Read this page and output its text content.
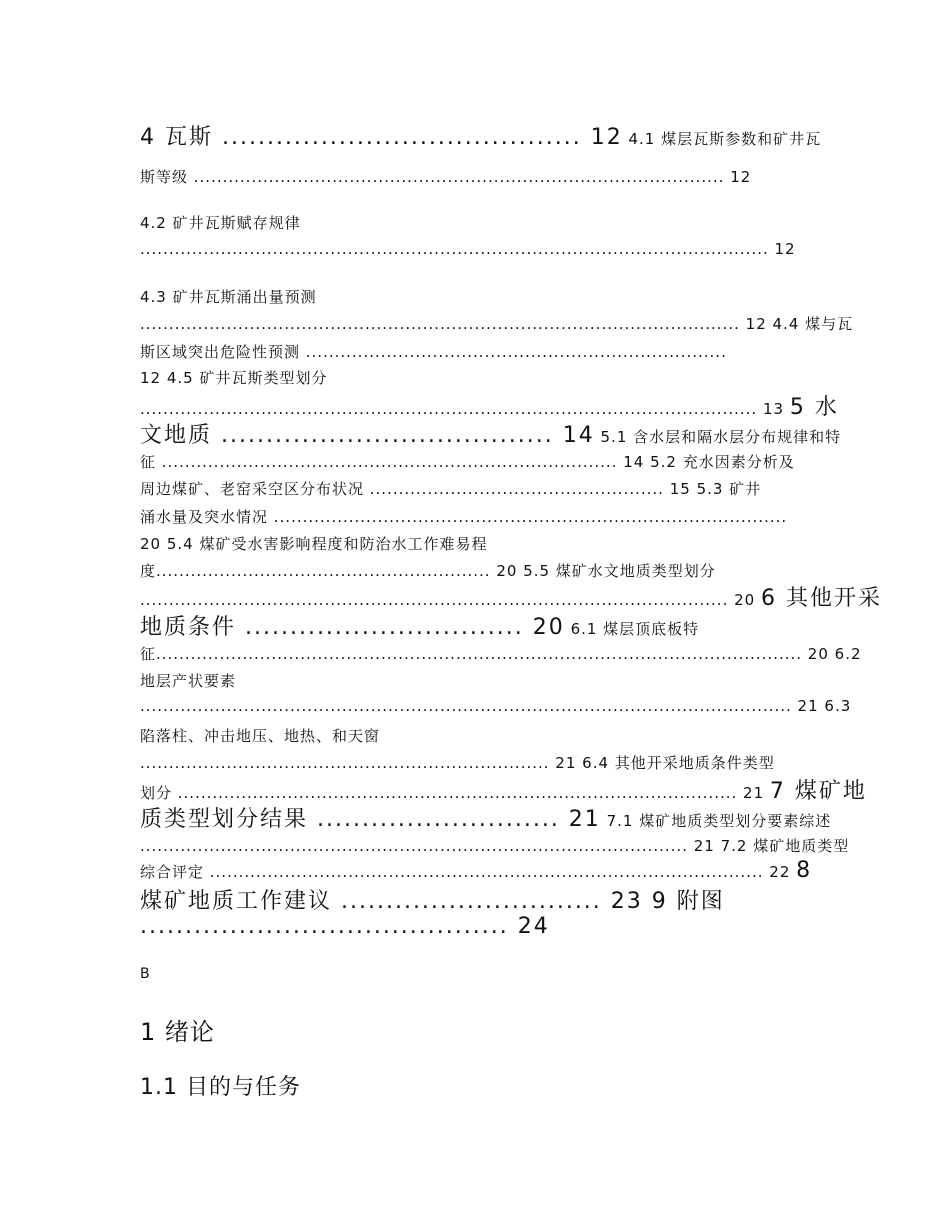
4 瓦斯 ........................................ 12 4.1 煤层瓦斯参数和矿井瓦
斯等级 ............................................................................................ 12
4.2 矿井瓦斯赋存规律
............................................................................................................. 12
4.3 矿井瓦斯涌出量预测
........................................................................................................ 12 4.4 煤与瓦
斯区域突出危险性预测 .........................................................................
12 4.5 矿井瓦斯类型划分
........................................................................................................... 13 5 水
文地质 ..................................... 14 5.1 含水层和隔水层分布规律和特
征 ............................................................................... 14 5.2 充水因素分析及
周边煤矿、老窑采空区分布状况 ................................................... 15 5.3 矿井
涌水量及突水情况 .........................................................................................
20 5.4 煤矿受水害影响程度和防治水工作难易程
度.......................................................... 20 5.5 煤矿水文地质类型划分
...................................................................................................... 20 6 其他开采
地质条件 ............................... 20 6.1 煤层顶底板特
征................................................................................................................ 20 6.2
地层产状要素
................................................................................................................. 21 6.3
陷落柱、冲击地压、地热、和天窗
....................................................................... 21 6.4 其他开采地质条件类型
划分 ................................................................................................. 21 7 煤矿地
质类型划分结果 ........................... 21 7.1 煤矿地质类型划分要素综述
............................................................................................... 21 7.2 煤矿地质类型
综合评定 ................................................................................................ 22 8
煤矿地质工作建议 ............................. 23 9 附图
......................................... 24
B
1 绪论
1.1 目的与任务
